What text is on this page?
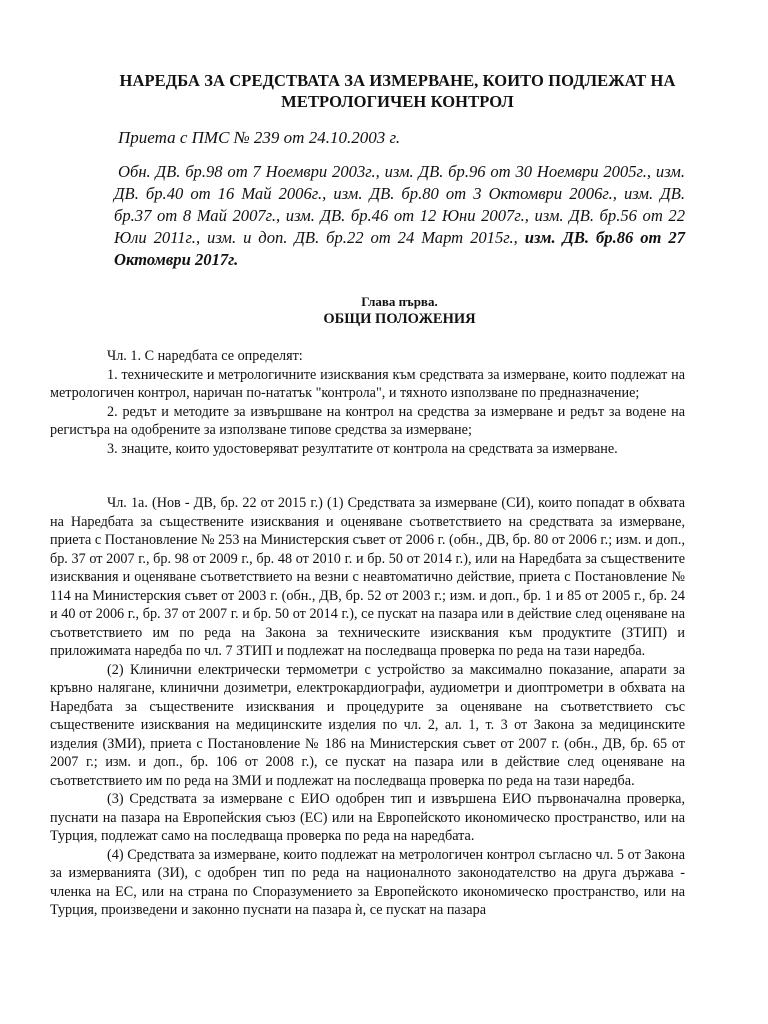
НАРЕДБА ЗА СРЕДСТВАТА ЗА ИЗМЕРВАНЕ, КОИТО ПОДЛЕЖАТ НА
МЕТРОЛОГИЧЕН КОНТРОЛ

Приета с ПМС № 239 от 24.10.2003 г.

Обн. ДВ. бр.98 от 7 Ноември 2003г., изм. ДВ. бр.96 от 30 Ноември 2005г., изм. ДВ. бр.40 от 16 Май 2006г., изм. ДВ. бр.80 от 3 Октомври 2006г., изм. ДВ. бр.37 от 8 Май 2007г., изм. ДВ. бр.46 от 12 Юни 2007г., изм. ДВ. бр.56 от 22 Юли 2011г., изм. и доп. ДВ. бр.22 от 24 Март 2015г., изм. ДВ. бр.86 от 27 Октомври 2017г.

Глава първа.
ОБЩИ ПОЛОЖЕНИЯ

Чл. 1. С наредбата се определят:

1. техническите и метрологичните изисквания към средствата за измерване, които подлежат на метрологичен контрол, наричан по-нататък "контрола", и тяхното използване по предназначение;

2. редът и методите за извършване на контрол на средства за измерване и редът за водене на регистъра на одобрените за използване типове средства за измерване;

3. знаците, които удостоверяват резултатите от контрола на средствата за измерване.

Чл. 1а. (Нов - ДВ, бр. 22 от 2015 г.) (1) Средствата за измерване (СИ), които попадат в обхвата на Наредбата за съществените изисквания и оценяване съответствието на средствата за измерване, приета с Постановление № 253 на Министерския съвет от 2006 г. (обн., ДВ, бр. 80 от 2006 г.; изм. и доп., бр. 37 от 2007 г., бр. 98 от 2009 г., бр. 48 от 2010 г. и бр. 50 от 2014 г.), или на Наредбата за съществените изисквания и оценяване съответствието на везни с неавтоматично действие, приета с Постановление № 114 на Министерския съвет от 2003 г. (обн., ДВ, бр. 52 от 2003 г.; изм. и доп., бр. 1 и 85 от 2005 г., бр. 24 и 40 от 2006 г., бр. 37 от 2007 г. и бр. 50 от 2014 г.), се пускат на пазара или в действие след оценяване на съответствието им по реда на Закона за техническите изисквания към продуктите (ЗТИП) и приложимата наредба по чл. 7 ЗТИП и подлежат на последваща проверка по реда на тази наредба.

(2) Клинични електрически термометри с устройство за максимално показание, апарати за кръвно налягане, клинични дозиметри, електрокардиографи, аудиометри и диоптрометри в обхвата на Наредбата за съществените изисквания и процедурите за оценяване на съответствието със съществените изисквания на медицинските изделия по чл. 2, ал. 1, т. 3 от Закона за медицинските изделия (ЗМИ), приета с Постановление № 186 на Министерския съвет от 2007 г. (обн., ДВ, бр. 65 от 2007 г.; изм. и доп., бр. 106 от 2008 г.), се пускат на пазара или в действие след оценяване на съответствието им по реда на ЗМИ и подлежат на последваща проверка по реда на тази наредба.

(3) Средствата за измерване с ЕИО одобрен тип и извършена ЕИО първоначална проверка, пуснати на пазара на Европейския съюз (ЕС) или на Европейското икономическо пространство, или на Турция, подлежат само на последваща проверка по реда на наредбата.

(4) Средствата за измерване, които подлежат на метрологичен контрол съгласно чл. 5 от Закона за измерванията (ЗИ), с одобрен тип по реда на националното законодателство на друга държава - членка на ЕС, или на страна по Споразумението за Европейското икономическо пространство, или на Турция, произведени и законно пуснати на пазара ѝ, се пускат на пазара
